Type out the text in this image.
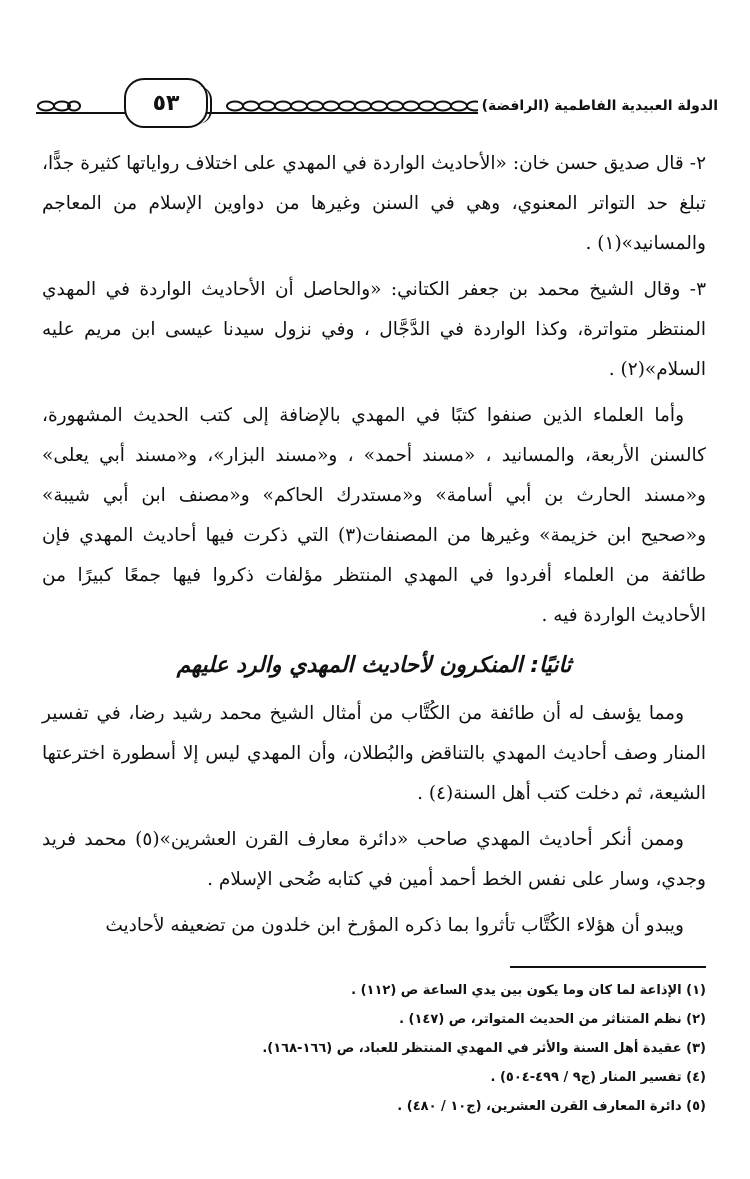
٥٣	الدولة العبيدية الفاطمية (الرافضة)

٢- قال صديق حسن خان: «الأحاديث الواردة في المهدي على اختلاف رواياتها كثيرة جدًّا، تبلغ حد التواتر المعنوي، وهي في السنن وغيرها من دواوين الإسلام من المعاجم والمسانيد»(١) .

٣- وقال الشيخ محمد بن جعفر الكتاني: «والحاصل أن الأحاديث الواردة في المهدي المنتظر متواترة، وكذا الواردة في الدَّجَّال ، وفي نزول سيدنا عيسى ابن مريم عليه السلام»(٢) .

وأما العلماء الذين صنفوا كتبًا في المهدي بالإضافة إلى كتب الحديث المشهورة، كالسنن الأربعة، والمسانيد ، «مسند أحمد» ، و«مسند البزار»، و«مسند أبي يعلى» و«مسند الحارث بن أبي أسامة» و«مستدرك الحاكم» و«مصنف ابن أبي شيبة» و«صحيح ابن خزيمة» وغيرها من المصنفات(٣) التي ذكرت فيها أحاديث المهدي فإن طائفة من العلماء أفردوا في المهدي المنتظر مؤلفات ذكروا فيها جمعًا كبيرًا من الأحاديث الواردة فيه .

ثانيًا: المنكرون لأحاديث المهدي والرد عليهم

ومما يؤسف له أن طائفة من الكُتَّاب من أمثال الشيخ محمد رشيد رضا، في تفسير المنار وصف أحاديث المهدي بالتناقض والبُطلان، وأن المهدي ليس إلا أسطورة اخترعتها الشيعة، ثم دخلت كتب أهل السنة(٤) .

وممن أنكر أحاديث المهدي صاحب «دائرة معارف القرن العشرين»(٥) محمد فريد وجدي، وسار على نفس الخط أحمد أمين في كتابه ضُحى الإسلام .

ويبدو أن هؤلاء الكُتَّاب تأثروا بما ذكره المؤرخ ابن خلدون من تضعيفه لأحاديث

(١) الإذاعة لما كان وما يكون بين يدي الساعة ص (١١٢) .

(٢) نظم المتناثر من الحديث المتواتر، ص (١٤٧) .

(٣) عقيدة أهل السنة والأثر في المهدي المنتظر للعباد، ص (١٦٦-١٦٨).

(٤) تفسير المنار (ج٩ / ٤٩٩-٥٠٤) .

(٥) دائرة المعارف القرن العشرين، (ج١٠ / ٤٨٠) .
